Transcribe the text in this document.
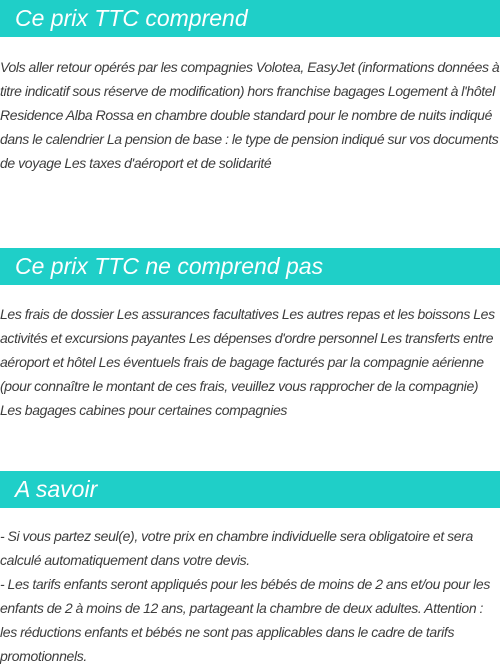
Ce prix TTC comprend

Vols aller retour opérés par les compagnies Volotea, EasyJet (informations données à titre indicatif sous réserve de modification) hors franchise bagages Logement à l'hôtel Residence Alba Rossa en chambre double standard pour le nombre de nuits indiqué dans le calendrier La pension de base : le type de pension indiqué sur vos documents de voyage Les taxes d'aéroport et de solidarité

Ce prix TTC ne comprend pas

Les frais de dossier Les assurances facultatives Les autres repas et les boissons Les activités et excursions payantes Les dépenses d'ordre personnel Les transferts entre aéroport et hôtel Les éventuels frais de bagage facturés par la compagnie aérienne (pour connaître le montant de ces frais, veuillez vous rapprocher de la compagnie) Les bagages cabines pour certaines compagnies

A savoir

- Si vous partez seul(e), votre prix en chambre individuelle sera obligatoire et sera calculé automatiquement dans votre devis.

- Les tarifs enfants seront appliqués pour les bébés de moins de 2 ans et/ou pour les enfants de 2 à moins de 12 ans, partageant la chambre de deux adultes. Attention : les réductions enfants et bébés ne sont pas applicables dans le cadre de tarifs promotionnels.
